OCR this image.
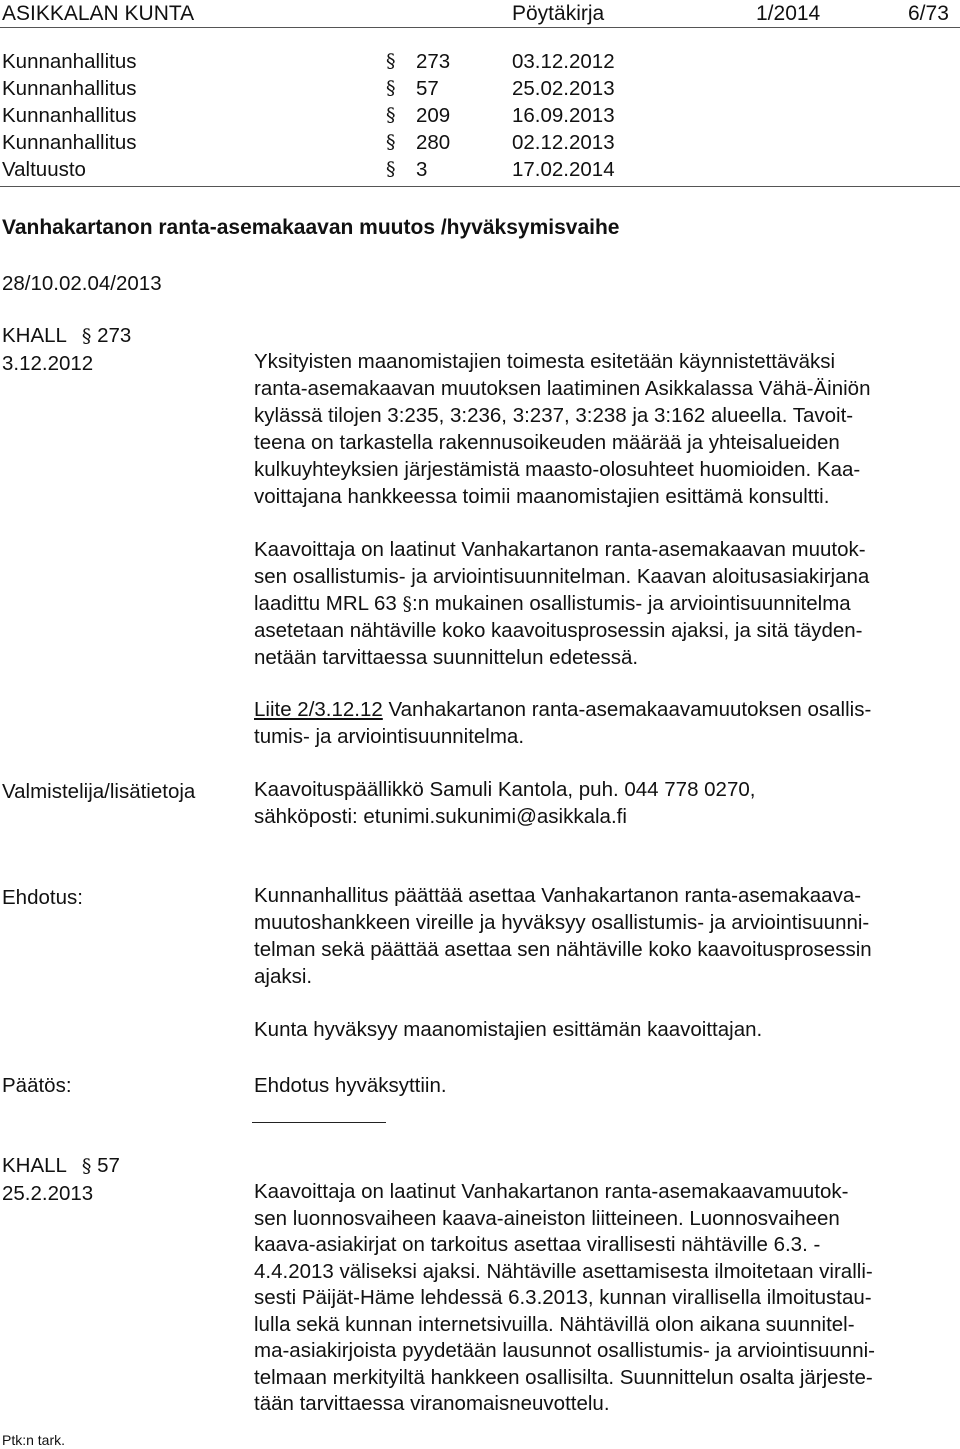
ASIKKALAN KUNTA	Pöytäkirja	1/2014	6/73
Kunnanhallitus	§ 273	03.12.2012
Kunnanhallitus	§ 57	25.02.2013
Kunnanhallitus	§ 209	16.09.2013
Kunnanhallitus	§ 280	02.12.2013
Valtuusto	§ 3	17.02.2014
Vanhakartanon ranta-asemakaavan muutos /hyväksymisvaihe
28/10.02.04/2013
KHALL § 273
3.12.2012	Yksityisten maanomistajien toimesta esitetään käynnistettäväksi
ranta-asemakaavan muutoksen laatiminen Asikkalassa Vähä-Äiniön
kylässä tilojen 3:235, 3:236, 3:237, 3:238 ja 3:162 alueella. Tavoit-
teena on tarkastella rakennusoikeuden määrää ja yhteisalueiden
kulkuyhteyksien järjestämistä maasto-olosuhteet huomioiden. Kaa-
voittajana hankkeessa toimii maanomistajien esittämä konsultti.
Kaavoittaja on laatinut Vanhakartanon ranta-asemakaavan muutok-
sen osallistumis- ja arviointisuunnitelman. Kaavan aloitusasiakirjana
laadittu MRL 63 §:n mukainen osallistumis- ja arviointisuunnitelma
asetetaan nähtäville koko kaavoitusprosessin ajaksi, ja sitä täyden-
netään tarvittaessa suunnittelun edetessä.
Liite 2/3.12.12 Vanhakartanon ranta-asemakaavamuutoksen osallis-
tumis- ja arviointisuunnitelma.
Valmistelija/lisätietoja	Kaavoituspäällikkö Samuli Kantola, puh. 044 778 0270,
sähköposti: etunimi.sukunimi@asikkala.fi
Ehdotus:	Kunnanhallitus päättää asettaa Vanhakartanon ranta-asemakaava-
muutoshankkeen vireille ja hyväksyy osallistumis- ja arviointisuunni-
telman sekä päättää asettaa sen nähtäville koko kaavoitusprosessin
ajaksi.
Kunta hyväksyy maanomistajien esittämän kaavoittajan.
Päätös:	Ehdotus hyväksyttiin.
KHALL § 57
25.2.2013	Kaavoittaja on laatinut Vanhakartanon ranta-asemakaavamuutok-
sen luonnosvaiheen kaava-aineiston liitteineen. Luonnosvaiheen
kaava-asiakirjat on tarkoitus asettaa virallisesti nähtäville 6.3. -
4.4.2013 väliseksi ajaksi. Nähtäville asettamisesta ilmoitetaan viralli-
sesti Päijät-Häme lehdessä 6.3.2013, kunnan virallisella ilmoitustau-
lulla sekä kunnan internetsivuilla. Nähtävillä olon aikana suunnitel-
ma-asiakirjoista pyydetään lausunnot osallistumis- ja arviointisuunni-
telmaan merkityiltä hankkeen osallisilta. Suunnittelun osalta järjeste-
tään tarvittaessa viranomaisneuvottelu.
Ptk:n tark.
